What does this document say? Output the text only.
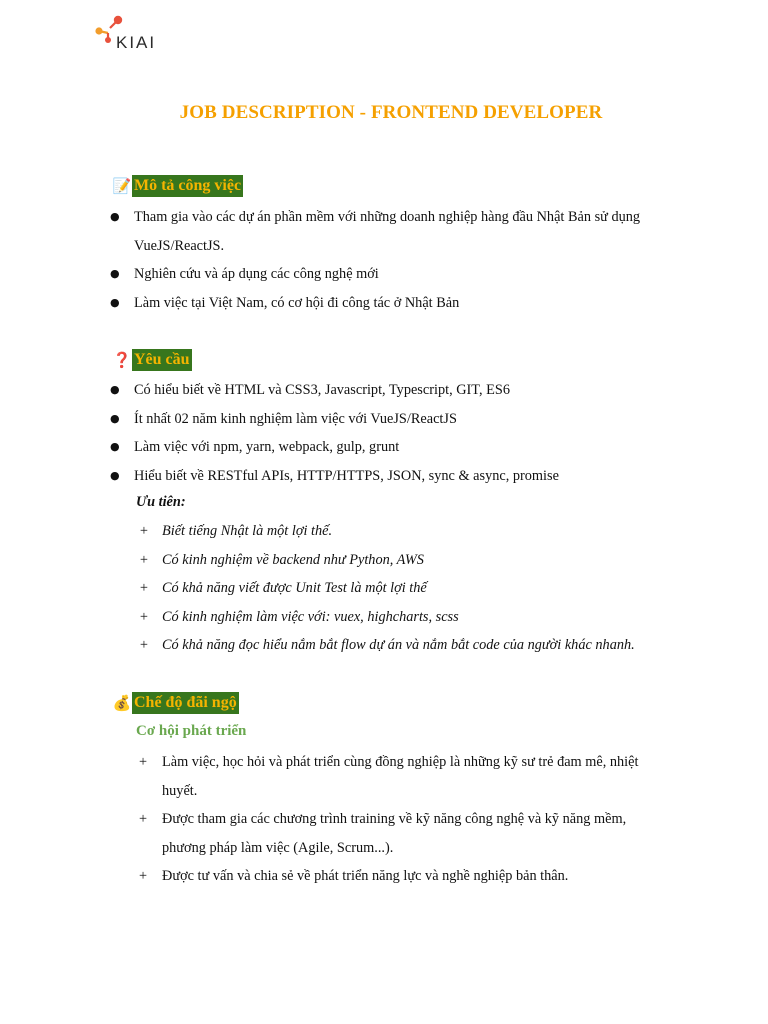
KIAI
JOB DESCRIPTION - FRONTEND DEVELOPER
📝 Mô tả công việc
● Tham gia vào các dự án phần mềm với những doanh nghiệp hàng đầu Nhật Bản sử dụng VueJS/ReactJS.
● Nghiên cứu và áp dụng các công nghệ mới
● Làm việc tại Việt Nam, có cơ hội đi công tác ở Nhật Bản
❓ Yêu cầu
● Có hiểu biết về HTML và CSS3, Javascript, Typescript, GIT, ES6
● Ít nhất 02 năm kinh nghiệm làm việc với VueJS/ReactJS
● Làm việc với npm, yarn, webpack, gulp, grunt
● Hiểu biết về RESTful APIs, HTTP/HTTPS, JSON, sync & async, promise
Ưu tiên:
+ Biết tiếng Nhật là một lợi thế.
+ Có kinh nghiệm về backend như Python, AWS
+ Có khả năng viết được Unit Test là một lợi thế
+ Có kinh nghiệm làm việc với: vuex, highcharts, scss
+ Có khả năng đọc hiểu nắm bắt flow dự án và nắm bắt code của người khác nhanh.
💰 Chế độ đãi ngộ
Cơ hội phát triển
+ Làm việc, học hỏi và phát triển cùng đồng nghiệp là những kỹ sư trẻ đam mê, nhiệt huyết.
+ Được tham gia các chương trình training về kỹ năng công nghệ và kỹ năng mềm, phương pháp làm việc (Agile, Scrum...).
+ Được tư vấn và chia sẻ về phát triển năng lực và nghề nghiệp bản thân.
